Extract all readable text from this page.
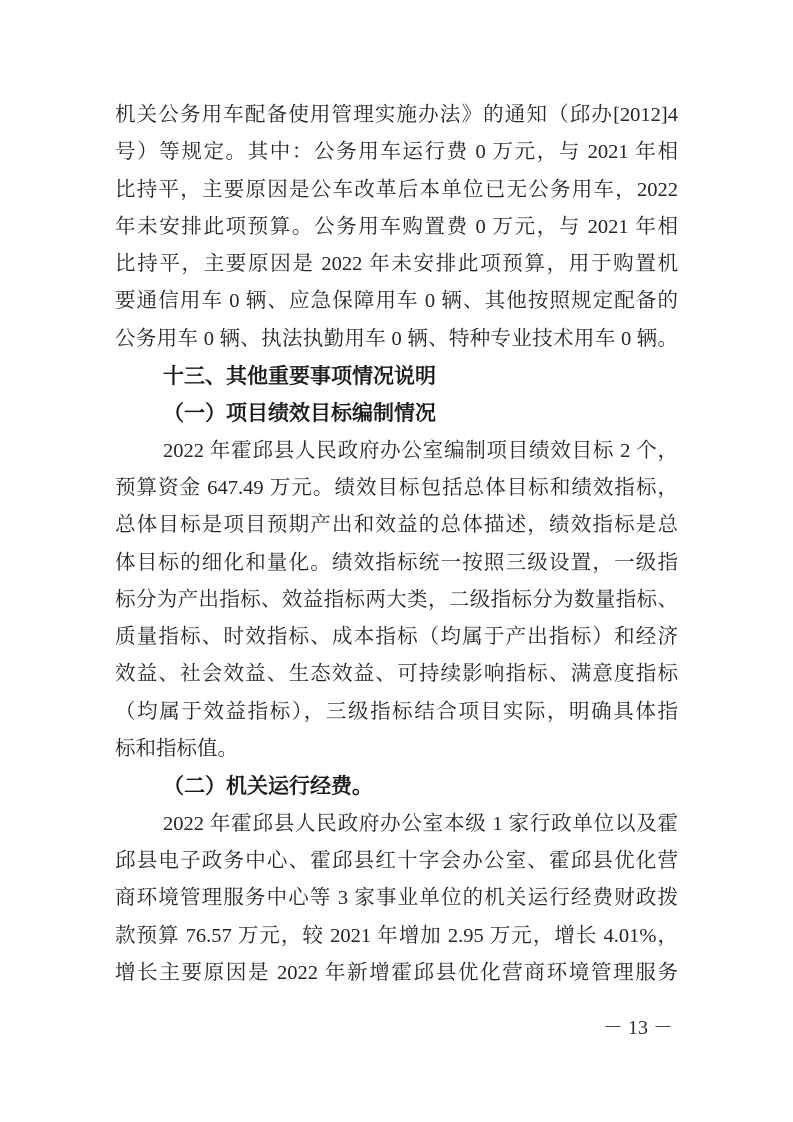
机关公务用车配备使用管理实施办法》的通知（邱办[2012]4
号）等规定。其中：公务用车运行费 0 万元，与 2021 年相
比持平，主要原因是公车改革后本单位已无公务用车，2022
年未安排此项预算。公务用车购置费 0 万元，与 2021 年相
比持平，主要原因是 2022 年未安排此项预算，用于购置机
要通信用车 0 辆、应急保障用车 0 辆、其他按照规定配备的
公务用车 0 辆、执法执勤用车 0 辆、特种专业技术用车 0 辆。
十三、其他重要事项情况说明
（一）项目绩效目标编制情况
2022 年霍邱县人民政府办公室编制项目绩效目标 2 个，
预算资金 647.49 万元。绩效目标包括总体目标和绩效指标，
总体目标是项目预期产出和效益的总体描述，绩效指标是总
体目标的细化和量化。绩效指标统一按照三级设置，一级指
标分为产出指标、效益指标两大类，二级指标分为数量指标、
质量指标、时效指标、成本指标（均属于产出指标）和经济
效益、社会效益、生态效益、可持续影响指标、满意度指标
（均属于效益指标），三级指标结合项目实际，明确具体指
标和指标值。
（二）机关运行经费。
2022 年霍邱县人民政府办公室本级 1 家行政单位以及霍
邱县电子政务中心、霍邱县红十字会办公室、霍邱县优化营
商环境管理服务中心等 3 家事业单位的机关运行经费财政拨
款预算 76.57 万元，较 2021 年增加 2.95 万元，增长 4.01%，
增长主要原因是 2022 年新增霍邱县优化营商环境管理服务
－ 13 －
